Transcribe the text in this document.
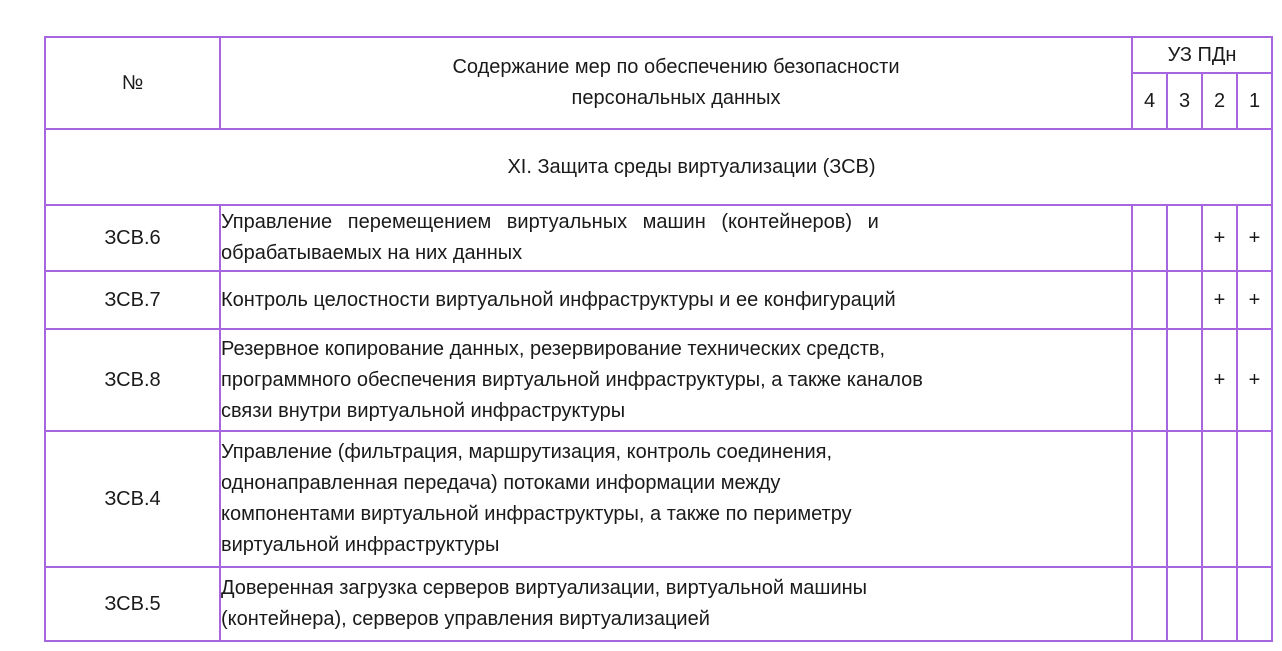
№	Содержание мер по обеспечению безопасности
персональных данных	УЗ ПДн			
		4	3	2	1
XI. Защита среды виртуализации (ЗСВ)					
ЗСВ.6	Управление перемещением виртуальных машин (контейнеров) и
обрабатываемых на них данных			+	+
ЗСВ.7	Контроль целостности виртуальной инфраструктуры и ее конфигураций			+	+
ЗСВ.8	Резервное копирование данных, резервирование технических средств,
программного обеспечения виртуальной инфраструктуры, а также каналов
связи внутри виртуальной инфраструктуры			+	+
ЗСВ.4	Управление (фильтрация, маршрутизация, контроль соединения,
однонаправленная передача) потоками информации между
компонентами виртуальной инфраструктуры, а также по периметру
виртуальной инфраструктуры				

ЗСВ.5	Доверенная загрузка серверов виртуализации, виртуальной машины
(контейнера), серверов управления виртуализацией				
